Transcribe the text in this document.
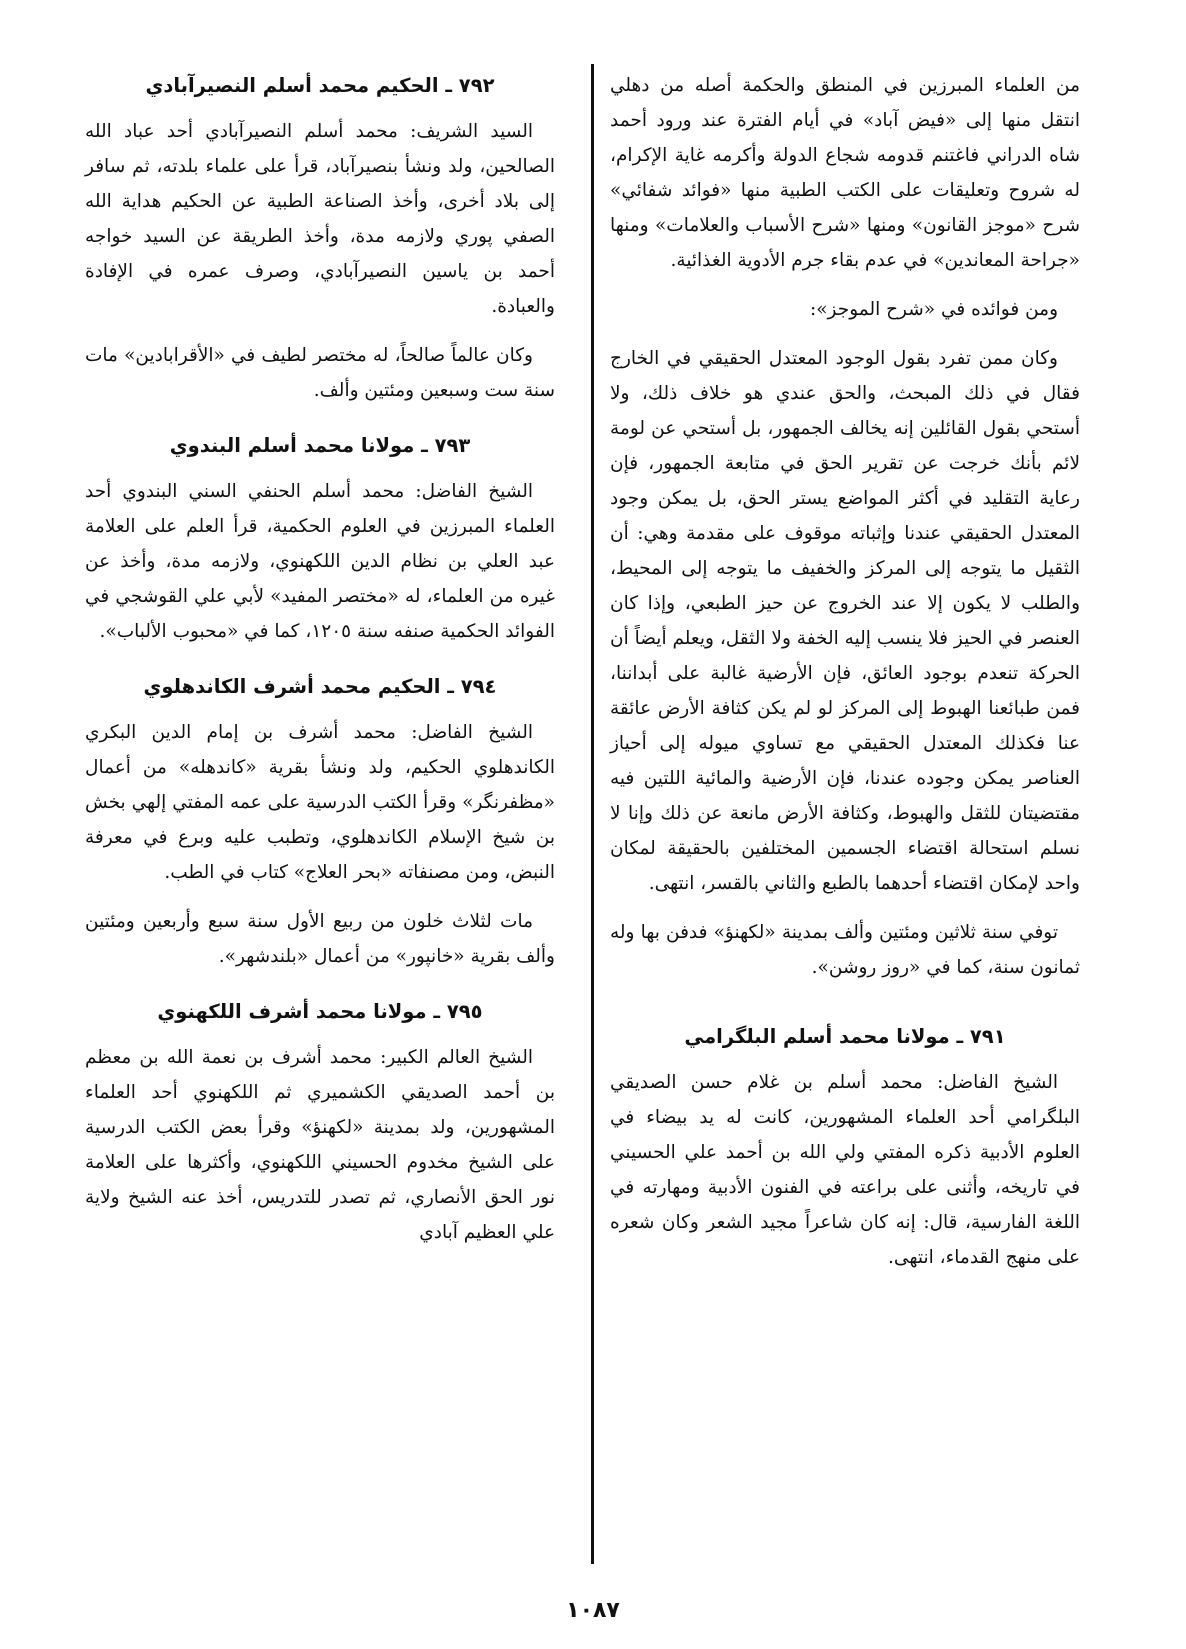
من العلماء المبرزين في المنطق والحكمة أصله من دهلي انتقل منها إلى «فيض آباد» في أيام الفترة عند ورود أحمد شاه الدراني فاغتنم قدومه شجاع الدولة وأكرمه غاية الإكرام، له شروح وتعليقات على الكتب الطبية منها «فوائد شفائي» شرح «موجز القانون» ومنها «شرح الأسباب والعلامات» ومنها «جراحة المعاندين» في عدم بقاء جرم الأدوية الغذائية.

ومن فوائده في «شرح الموجز»:

وكان ممن تفرد بقول الوجود المعتدل الحقيقي في الخارج فقال في ذلك المبحث، والحق عندي هو خلاف ذلك، ولا أستحي بقول القائلين إنه يخالف الجمهور، بل أستحي عن لومة لائم بأنك خرجت عن تقرير الحق في متابعة الجمهور، فإن رعاية التقليد في أكثر المواضع يستر الحق، بل يمكن وجود المعتدل الحقيقي عندنا وإثباته موقوف على مقدمة وهي: أن الثقيل ما يتوجه إلى المركز والخفيف ما يتوجه إلى المحيط، والطلب لا يكون إلا عند الخروج عن حيز الطبعي، وإذا كان العنصر في الحيز فلا ينسب إليه الخفة ولا الثقل، ويعلم أيضاً أن الحركة تنعدم بوجود العائق، فإن الأرضية غالبة على أبداننا، فمن طبائعنا الهبوط إلى المركز لو لم يكن كثافة الأرض عائقة عنا فكذلك المعتدل الحقيقي مع تساوي ميوله إلى أحياز العناصر يمكن وجوده عندنا، فإن الأرضية والمائية اللتين فيه مقتضيتان للثقل والهبوط، وكثافة الأرض مانعة عن ذلك وإنا لا نسلم استحالة اقتضاء الجسمين المختلفين بالحقيقة لمكان واحد لإمكان اقتضاء أحدهما بالطبع والثاني بالقسر، انتهى.

توفي سنة ثلاثين ومئتين وألف بمدينة «لكهنؤ» فدفن بها وله ثمانون سنة، كما في «روز روشن».

٧٩١ ـ مولانا محمد أسلم البلگرامي

الشيخ الفاضل: محمد أسلم بن غلام حسن الصديقي البلگرامي أحد العلماء المشهورين، كانت له يد بيضاء في العلوم الأدبية ذكره المفتي ولي الله بن أحمد علي الحسيني في تاريخه، وأثنى على براعته في الفنون الأدبية ومهارته في اللغة الفارسية، قال: إنه كان شاعراً مجيد الشعر وكان شعره على منهج القدماء، انتهى.

٧٩٢ ـ الحكيم محمد أسلم النصيرآبادي

السيد الشريف: محمد أسلم النصيرآبادي أحد عباد الله الصالحين، ولد ونشأ بنصيرآباد، قرأ على علماء بلدته، ثم سافر إلى بلاد أخرى، وأخذ الصناعة الطبية عن الحكيم هداية الله الصفي پوري ولازمه مدة، وأخذ الطريقة عن السيد خواجه أحمد بن ياسين النصيرآبادي، وصرف عمره في الإفادة والعبادة.

وكان عالماً صالحاً، له مختصر لطيف في «الأقرابادين» مات سنة ست وسبعين ومئتين وألف.

٧٩٣ ـ مولانا محمد أسلم البندوي

الشيخ الفاضل: محمد أسلم الحنفي السني البندوي أحد العلماء المبرزين في العلوم الحكمية، قرأ العلم على العلامة عبد العلي بن نظام الدين اللكهنوي، ولازمه مدة، وأخذ عن غيره من العلماء، له «مختصر المفيد» لأبي علي القوشجي في الفوائد الحكمية صنفه سنة ١٢٠٥، كما في «محبوب الألباب».

٧٩٤ ـ الحكيم محمد أشرف الكاندهلوي

الشيخ الفاضل: محمد أشرف بن إمام الدين البكري الكاندهلوي الحكيم، ولد ونشأ بقرية «كاندهله» من أعمال «مظفرنگر» وقرأ الكتب الدرسية على عمه المفتي إلهي بخش بن شيخ الإسلام الكاندهلوي، وتطبب عليه وبرع في معرفة النبض، ومن مصنفاته «بحر العلاج» كتاب في الطب.

مات لثلاث خلون من ربيع الأول سنة سبع وأربعين ومئتين وألف بقرية «خانپور» من أعمال «بلندشهر».

٧٩٥ ـ مولانا محمد أشرف اللكهنوي

الشيخ العالم الكبير: محمد أشرف بن نعمة الله بن معظم بن أحمد الصديقي الكشميري ثم اللكهنوي أحد العلماء المشهورين، ولد بمدينة «لكهنؤ» وقرأ بعض الكتب الدرسية على الشيخ مخدوم الحسيني اللكهنوي، وأكثرها على العلامة نور الحق الأنصاري، ثم تصدر للتدريس، أخذ عنه الشيخ ولاية علي العظيم آبادي

١٠٨٧
